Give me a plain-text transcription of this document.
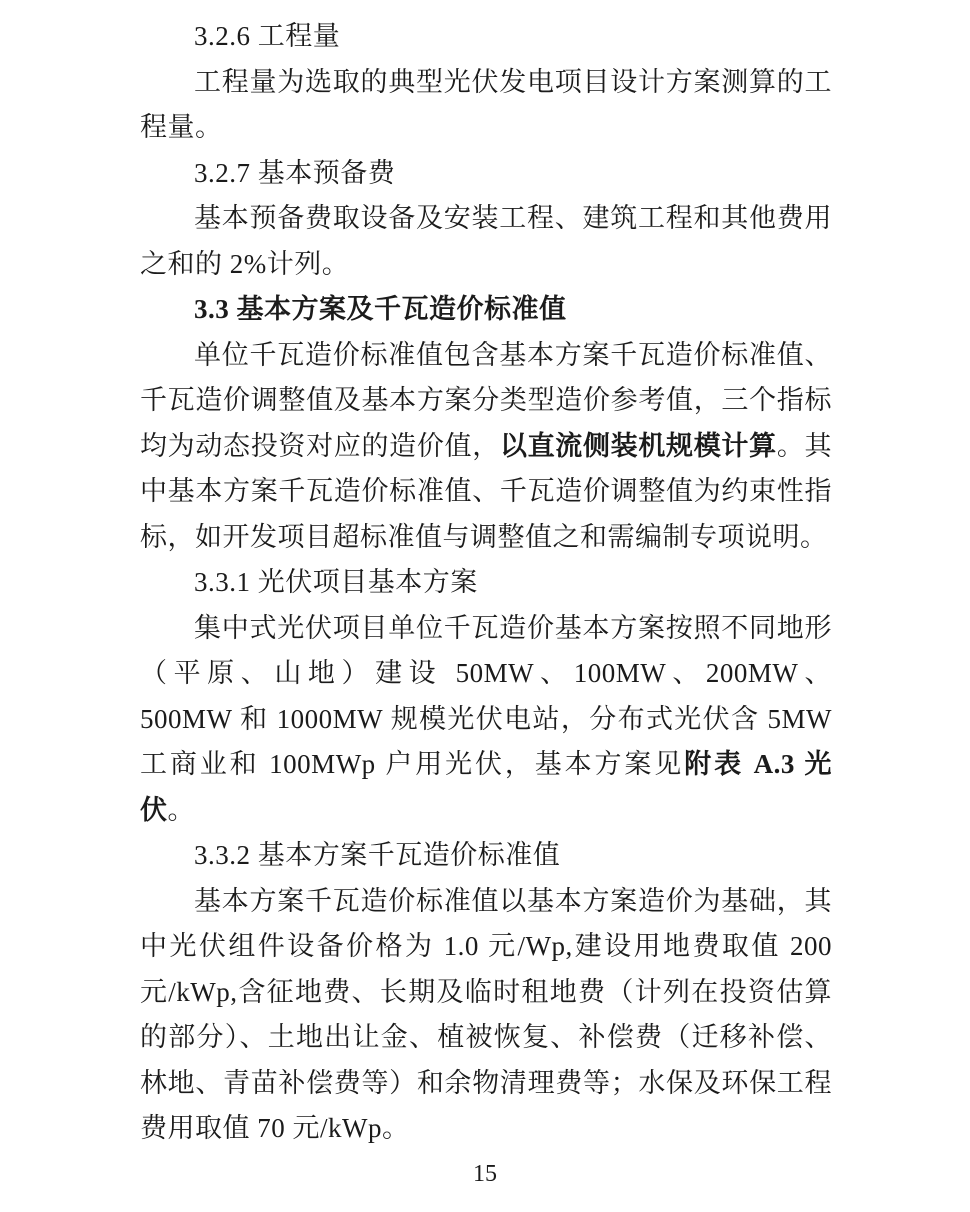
3.2.6 工程量

工程量为选取的典型光伏发电项目设计方案测算的工程量。

3.2.7 基本预备费

基本预备费取设备及安装工程、建筑工程和其他费用之和的 2%计列。

3.3 基本方案及千瓦造价标准值

单位千瓦造价标准值包含基本方案千瓦造价标准值、千瓦造价调整值及基本方案分类型造价参考值，三个指标均为动态投资对应的造价值，以直流侧装机规模计算。其中基本方案千瓦造价标准值、千瓦造价调整值为约束性指标，如开发项目超标准值与调整值之和需编制专项说明。

3.3.1 光伏项目基本方案

集中式光伏项目单位千瓦造价基本方案按照不同地形（平原、山地）建设 50MW、100MW、200MW、500MW 和 1000MW 规模光伏电站，分布式光伏含 5MW 工商业和 100MWp 户用光伏，基本方案见附表 A.3 光伏。

3.3.2 基本方案千瓦造价标准值

基本方案千瓦造价标准值以基本方案造价为基础，其中光伏组件设备价格为 1.0 元/Wp,建设用地费取值 200 元/kWp,含征地费、长期及临时租地费（计列在投资估算的部分）、土地出让金、植被恢复、补偿费（迁移补偿、林地、青苗补偿费等）和余物清理费等；水保及环保工程费用取值 70 元/kWp。

15
